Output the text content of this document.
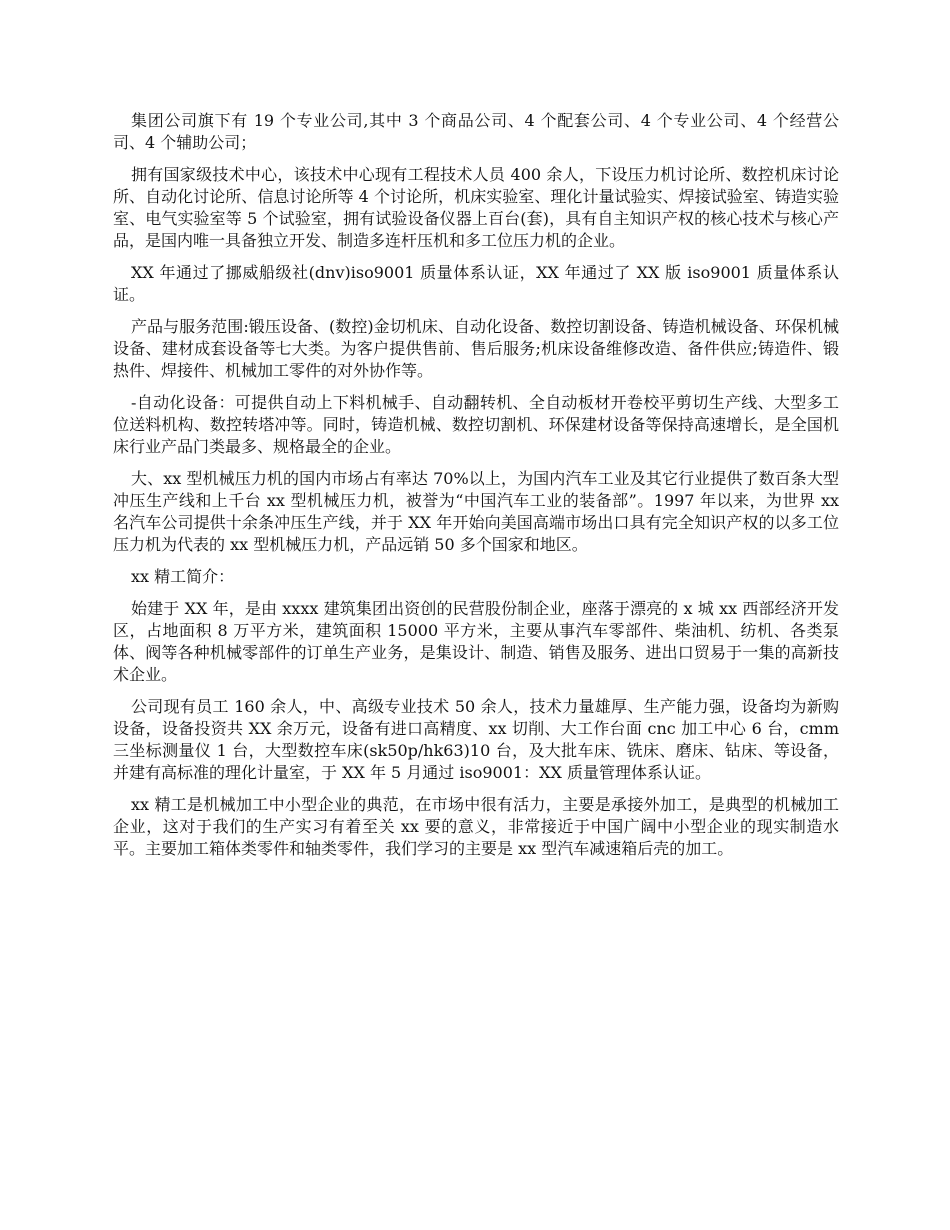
集团公司旗下有 19 个专业公司,其中 3 个商品公司、4 个配套公司、4 个专业公司、4 个经营公司、4 个辅助公司；

拥有国家级技术中心，该技术中心现有工程技术人员 400 余人，下设压力机讨论所、数控机床讨论所、自动化讨论所、信息讨论所等 4 个讨论所，机床实验室、理化计量试验实、焊接试验室、铸造实验室、电气实验室等 5 个试验室，拥有试验设备仪器上百台(套)，具有自主知识产权的核心技术与核心产品，是国内唯一具备独立开发、制造多连杆压机和多工位压力机的企业。

XX 年通过了挪威船级社(dnv)iso9001 质量体系认证，XX 年通过了 XX 版 iso9001 质量体系认证。

产品与服务范围:锻压设备、(数控)金切机床、自动化设备、数控切割设备、铸造机械设备、环保机械设备、建材成套设备等七大类。为客户提供售前、售后服务;机床设备维修改造、备件供应;铸造件、锻热件、焊接件、机械加工零件的对外协作等。

-自动化设备：可提供自动上下料机械手、自动翻转机、全自动板材开卷校平剪切生产线、大型多工位送料机构、数控转塔冲等。同时，铸造机械、数控切割机、环保建材设备等保持高速增长，是全国机床行业产品门类最多、规格最全的企业。

大、xx 型机械压力机的国内市场占有率达 70%以上，为国内汽车工业及其它行业提供了数百条大型冲压生产线和上千台 xx 型机械压力机，被誉为“中国汽车工业的装备部”。1997 年以来，为世界 xx 名汽车公司提供十余条冲压生产线，并于 XX 年开始向美国高端市场出口具有完全知识产权的以多工位压力机为代表的 xx 型机械压力机，产品远销 50 多个国家和地区。

xx 精工简介：

始建于 XX 年，是由 xxxx 建筑集团出资创的民营股份制企业，座落于漂亮的 x 城 xx 西部经济开发区，占地面积 8 万平方米，建筑面积 15000 平方米，主要从事汽车零部件、柴油机、纺机、各类泵体、阀等各种机械零部件的订单生产业务，是集设计、制造、销售及服务、进出口贸易于一集的高新技术企业。

公司现有员工 160 余人，中、高级专业技术 50 余人，技术力量雄厚、生产能力强，设备均为新购设备，设备投资共 XX 余万元，设备有进口高精度、xx 切削、大工作台面 cnc 加工中心 6 台，cmm 三坐标测量仪 1 台，大型数控车床(sk50p/hk63)10 台，及大批车床、铣床、磨床、钻床、等设备，并建有高标准的理化计量室，于 XX 年 5 月通过 iso9001：XX 质量管理体系认证。

xx 精工是机械加工中小型企业的典范，在市场中很有活力，主要是承接外加工，是典型的机械加工企业，这对于我们的生产实习有着至关 xx 要的意义，非常接近于中国广阔中小型企业的现实制造水平。主要加工箱体类零件和轴类零件，我们学习的主要是 xx 型汽车减速箱后壳的加工。
